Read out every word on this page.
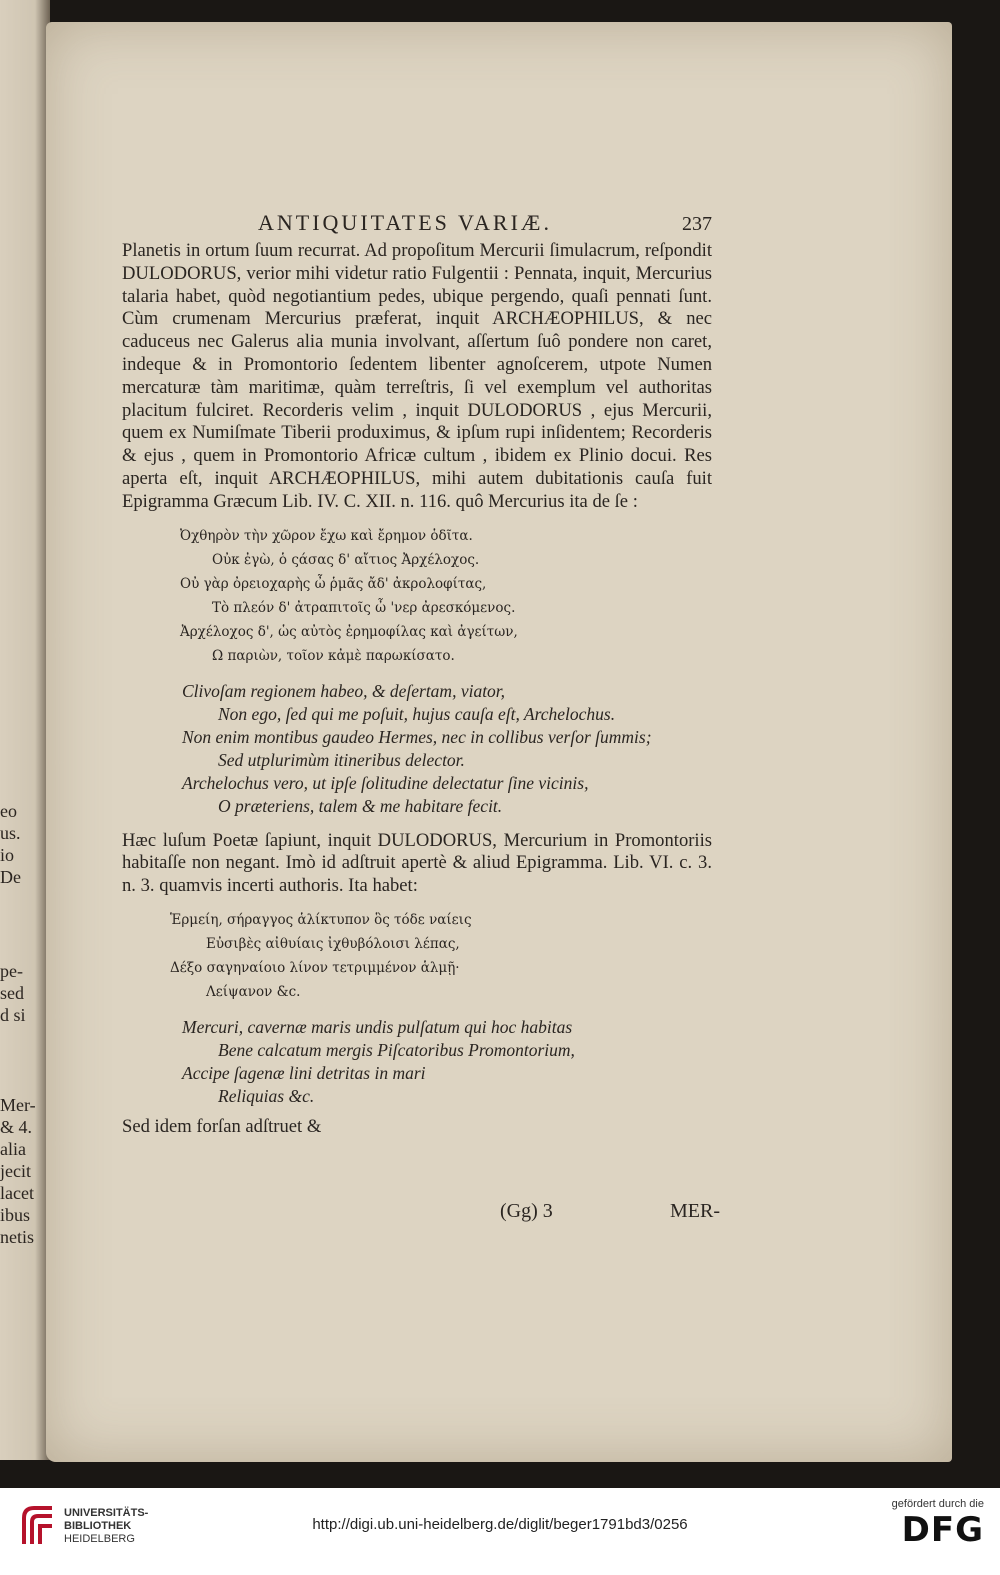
eo
us.
io
De
pe-
sed
d si
Mer-
& 4.
alia
jecit
lacet
ibus
netis
ANTIQUITATES VARIÆ.	237

Planetis in ortum ſuum recurrat. Ad propoſitum Mercurii ſimulacrum, reſpondit DULODORUS, verior mihi videtur ratio Fulgentii : Pennata, inquit, Mercurius talaria habet, quòd negotiantium pedes, ubique pergendo, quaſi pennati ſunt. Cùm crumenam Mercurius præferat, inquit ARCHÆOPHILUS, & nec caduceus nec Galerus alia munia involvant, aſſertum ſuô pondere non caret, indeque & in Promontorio ſedentem libenter agnoſcerem, utpote Numen mercaturæ tàm maritimæ, quàm terreſtris, ſi vel exemplum vel authoritas placitum fulciret. Recorderis velim , inquit DULODORUS , ejus Mercurii, quem ex Numiſmate Tiberii produximus, & ipſum rupi inſidentem; Recorderis & ejus , quem in Promontorio Africæ cultum , ibidem ex Plinio docui. Res aperta eſt, inquit ARCHÆOPHILUS, mihi autem dubitationis cauſa fuit Epigramma Græcum Lib. IV. C. XII. n. 116. quô Mercurius ita de ſe :

Ὀχθηρὸν τὴν χῶρον ἔχω καὶ ἔρημον ὁδῖτα.
Οὐκ ἐγὼ, ὁ ςάσας δ' αἴτιος Ἀρχέλοχος.
Οὐ γὰρ ὀρειοχαρὴς ὦ ῥμᾶς ἄδ' ἀκρολοφίτας,
Τὸ πλεόν δ' ἀτραπιτοῖς ὦ 'νερ ἀρεσκόμενος.
Ἀρχέλοχος δ', ὡς αὐτὸς ἐρημοφίλας καὶ ἀγείτων,
Ω παριὼν, τοῖον κἀμὲ παρωκίσατο.
Clivoſam regionem habeo, & deſertam, viator,
Non ego, ſed qui me poſuit, hujus cauſa eſt, Archelochus.
Non enim montibus gaudeo Hermes, nec in collibus verſor ſummis;
Sed utplurimùm itineribus delector.
Archelochus vero, ut ipſe ſolitudine delectatur ſine vicinis,
O præteriens, talem & me habitare fecit.

Hæc luſum Poetæ ſapiunt, inquit DULODORUS, Mercurium in Promontoriis habitaſſe non negant. Imò id adſtruit apertè & aliud Epigramma. Lib. VI. c. 3. n. 3. quamvis incerti authoris. Ita habet:

Ἑρμείη, σήραγγος ἁλίκτυπον ὃς τόδε ναίεις
Εὐσιβὲς αἰθυίαις ἰχθυβόλοισι λέπας,
Δέξο σαγηναίοιο λίνον τετριμμένον ἁλμῇ·
Λείψανον &c.
Mercuri, cavernæ maris undis pulſatum qui hoc habitas
Bene calcatum mergis Piſcatoribus Promontorium,
Accipe ſagenæ lini detritas in mari
Reliquias &c.

Sed idem forſan adſtruet &

(Gg) 3	MER-
UNIVERSITÄTS-
BIBLIOTHEK
HEIDELBERG
http://digi.ub.uni-heidelberg.de/diglit/beger1791bd3/0256
gefördert durch die
DFG
